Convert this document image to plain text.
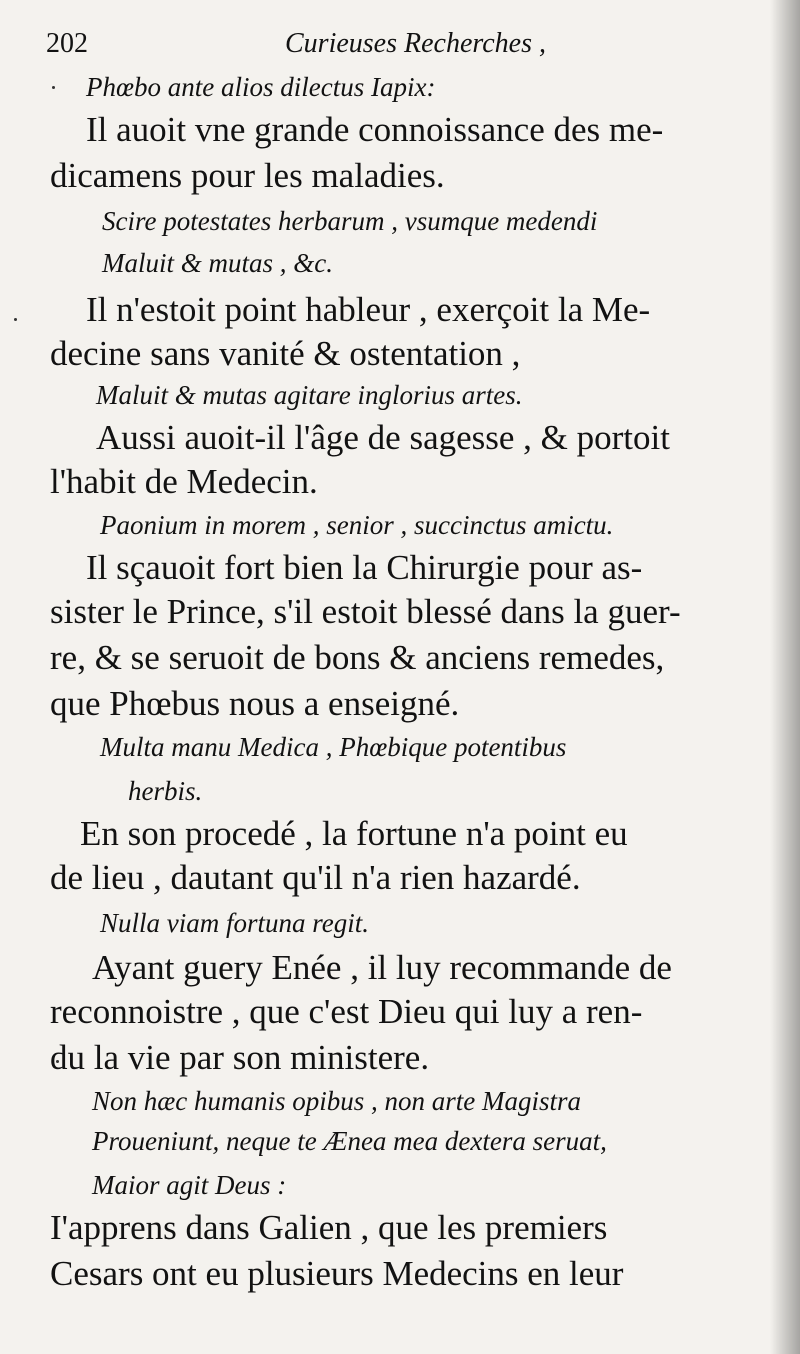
202	Curieuses Recherches ,
Phœbo ante alios dilectus Iapix:
Il auoit vne grande connoissance des me-
dicamens pour les maladies.
Scire potestates herbarum , vsumque medendi
Maluit & mutas , &c.
Il n'estoit point hableur , exerçoit la Me-
decine sans vanité & ostentation ,
Maluit & mutas agitare inglorius artes.
Aussi auoit-il l'âge de sagesse , & portoit
l'habit de Medecin.
Paonium in morem , senior , succinctus amictu.
Il sçauoit fort bien la Chirurgie pour as-
sister le Prince, s'il estoit blessé dans la guer-
re, & se seruoit de bons & anciens remedes,
que Phœbus nous a enseigné.
Multa manu Medica , Phœbique potentibus
herbis.
En son procedé , la fortune n'a point eu
de lieu , dautant qu'il n'a rien hazardé.
Nulla viam fortuna regit.
Ayant guery Enée , il luy recommande de
reconnoistre , que c'est Dieu qui luy a ren-
du la vie par son ministere.
Non hæc humanis opibus , non arte Magistra
Proueniunt, neque te Ænea mea dextera seruat,
Maior agit Deus :
I'apprens dans Galien , que les premiers
Cesars ont eu plusieurs Medecins en leur
